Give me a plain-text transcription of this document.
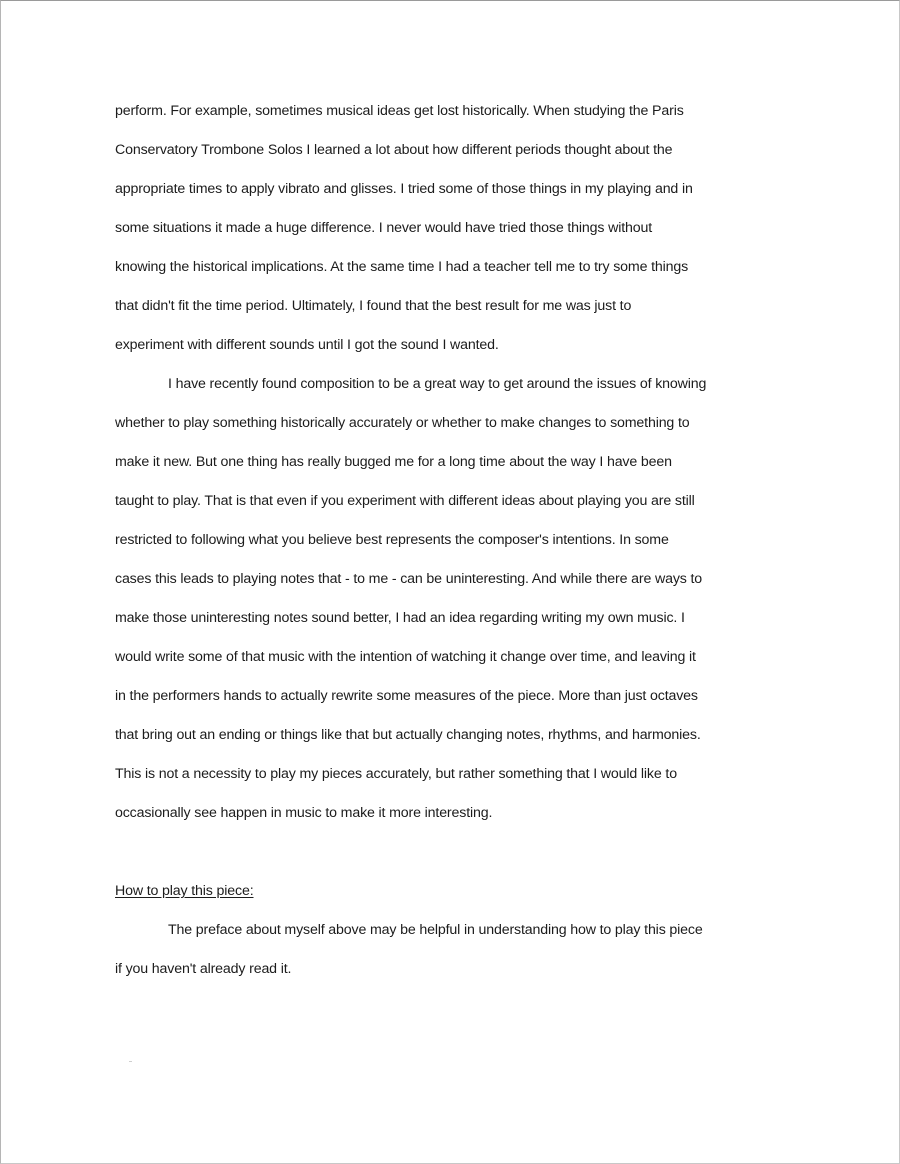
perform. For example, sometimes musical ideas get lost historically. When studying the Paris
Conservatory Trombone Solos I learned a lot about how different periods thought about the
appropriate times to apply vibrato and glisses. I tried some of those things in my playing and in
some situations it made a huge difference. I never would have tried those things without
knowing the historical implications. At the same time I had a teacher tell me to try some things
that didn't fit the time period. Ultimately, I found that the best result for me was just to
experiment with different sounds until I got the sound I wanted.
I have recently found composition to be a great way to get around the issues of knowing
whether to play something historically accurately or whether to make changes to something to
make it new. But one thing has really bugged me for a long time about the way I have been
taught to play. That is that even if you experiment with different ideas about playing you are still
restricted to following what you believe best represents the composer's intentions. In some
cases this leads to playing notes that - to me - can be uninteresting. And while there are ways to
make those uninteresting notes sound better, I had an idea regarding writing my own music. I
would write some of that music with the intention of watching it change over time, and leaving it
in the performers hands to actually rewrite some measures of the piece. More than just octaves
that bring out an ending or things like that but actually changing notes, rhythms, and harmonies.
This is not a necessity to play my pieces accurately, but rather something that I would like to
occasionally see happen in music to make it more interesting.
How to play this piece:
The preface about myself above may be helpful in understanding how to play this piece
if you haven't already read it.
